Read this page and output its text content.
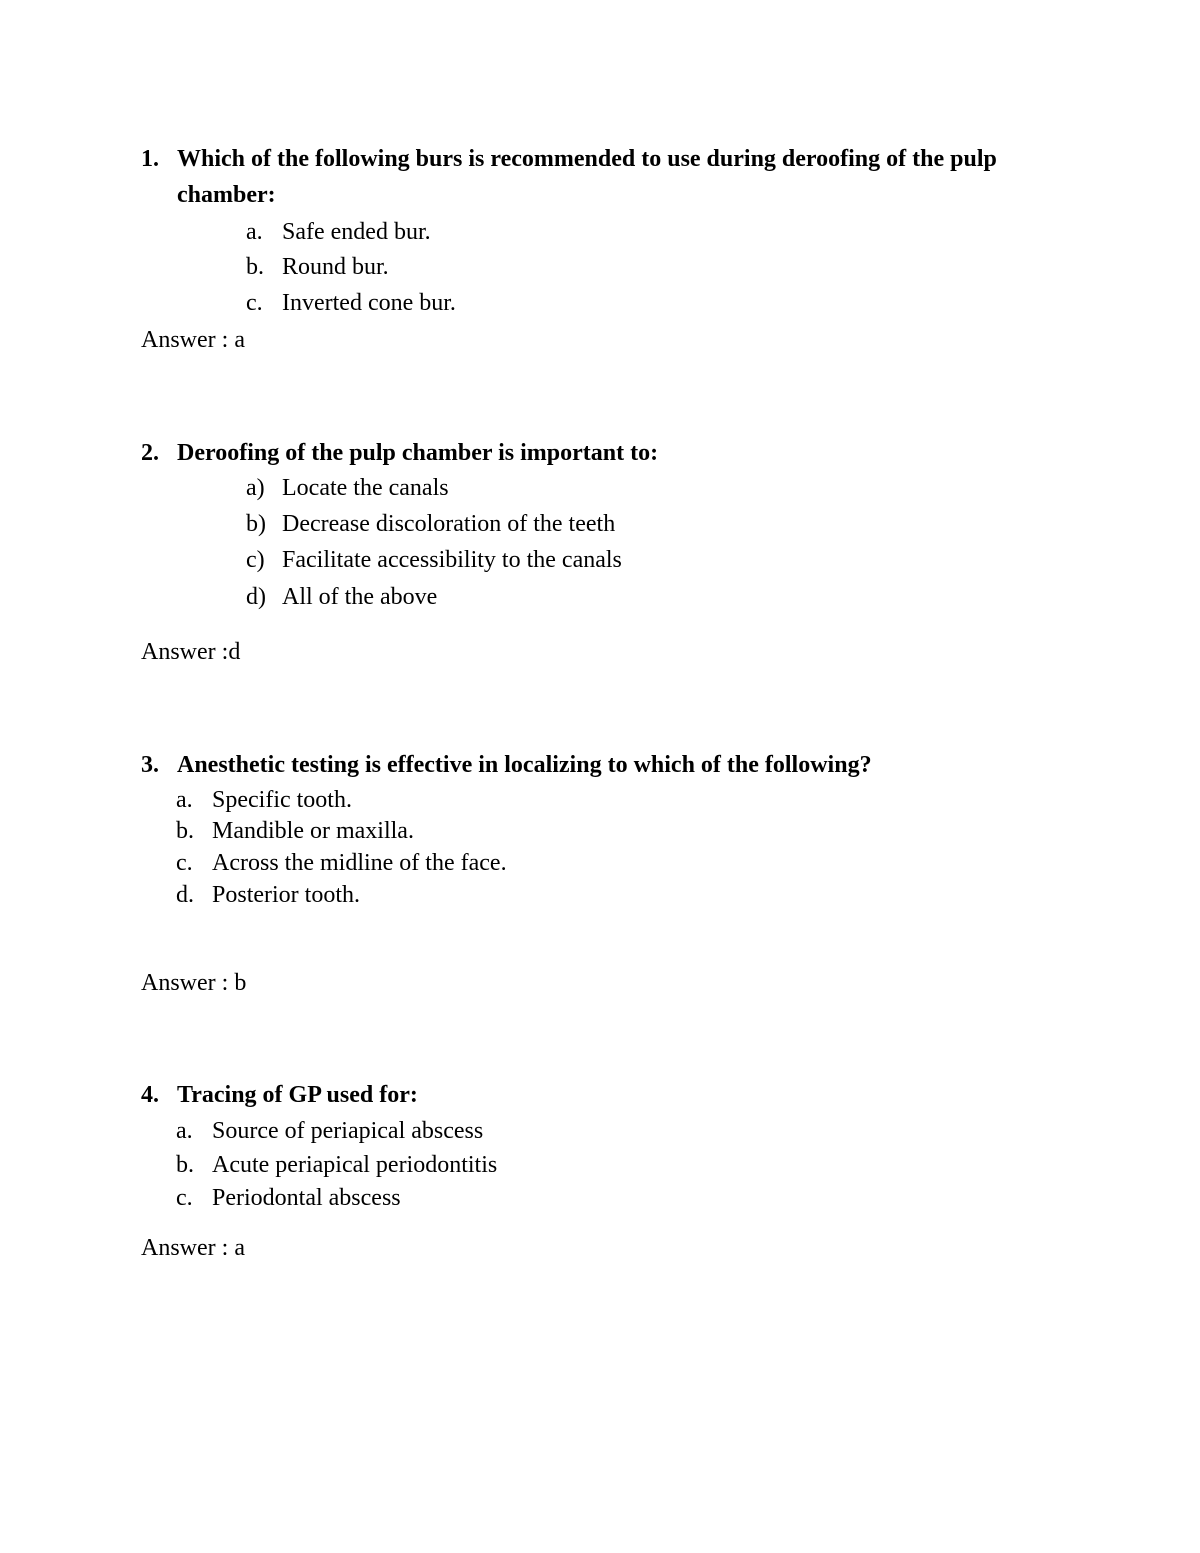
1. Which of the following burs is recommended to use during deroofing of the pulp chamber:
a. Safe ended bur.
b. Round bur.
c. Inverted cone bur.
Answer : a
2. Deroofing of the pulp chamber is important to:
a) Locate the canals
b) Decrease discoloration of the teeth
c) Facilitate accessibility to the canals
d) All of the above
Answer :d
3. Anesthetic testing is effective in localizing to which of the following?
a. Specific tooth.
b. Mandible or maxilla.
c. Across the midline of the face.
d. Posterior tooth.
Answer : b
4. Tracing of GP used for:
a. Source of periapical abscess
b. Acute periapical periodontitis
c. Periodontal abscess
Answer : a
